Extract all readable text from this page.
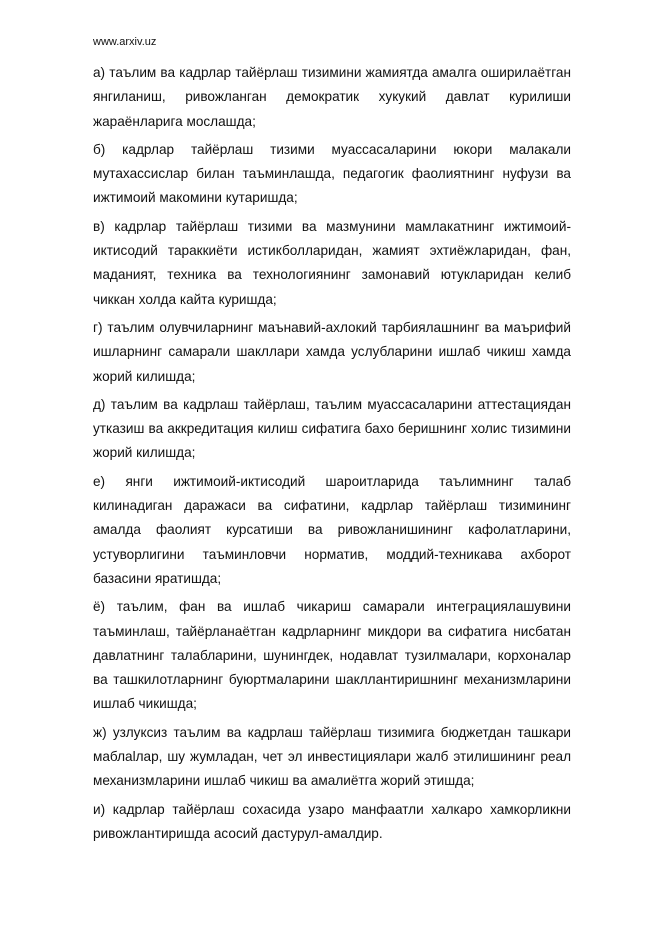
www.arxiv.uz

а) таълим ва кадрлар тайёрлаш тизимини жамиятда амалга оширилаётган янгиланиш, ривожланган демократик хукукий давлат курилиши жараёнларига мослашда;

б) кадрлар тайёрлаш тизими муассасаларини юкори малакали мутахассислар билан таъминлашда, педагогик фаолиятнинг нуфузи ва ижтимоий макомини кутаришда;

в) кадрлар тайёрлаш тизими ва мазмунини мамлакатнинг ижтимоий-иктисодий тараккиёти истикболларидан, жамият эхтиёжларидан, фан, маданият, техника ва технологиянинг замонавий ютукларидан келиб чиккан холда кайта куришда;

г) таълим олувчиларнинг маънавий-ахлокий тарбиялашнинг ва маърифий ишларнинг самарали шакллари хамда услубларини ишлаб чикиш хамда жорий килишда;

д) таълим ва кадрлаш тайёрлаш, таълим муассасаларини аттестациядан утказиш ва аккредитация килиш сифатига бахо беришнинг холис тизимини жорий килишда;

е) янги ижтимоий-иктисодий шароитларида таълимнинг талаб килинадиган даражаси ва сифатини, кадрлар тайёрлаш тизимининг амалда фаолият курсатиши ва ривожланишининг кафолатларини, устуворлигини таъминловчи норматив, моддий-техникава ахборот базасини яратишда;

ё) таълим, фан ва ишлаб чикариш самарали интеграциялашувини таъминлаш, тайёрланаётган кадрларнинг микдори ва сифатига нисбатан давлатнинг талабларини, шунингдек, нодавлат тузилмалари, корхоналар ва ташкилотларнинг буюртмаларини шакллантиришнинг механизмларини ишлаб чикишда;

ж) узлуксиз таълим ва кадрлаш тайёрлаш тизимига бюджетдан ташкари маблаlлар, шу жумладан, чет эл инвестициялари жалб этилишининг реал механизмларини ишлаб чикиш ва амалиётга жорий этишда;

и) кадрлар тайёрлаш сохасида узаро манфаатли халкаро хамкорликни ривожлантиришда асосий дастурул-амалдир.
